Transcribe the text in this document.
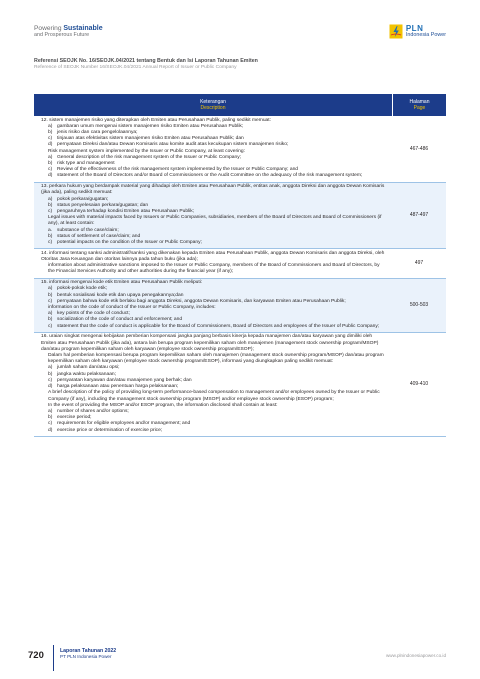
Powering Sustainable
and Prosperous Future
PLN
Indonesia Power
Referensi SEOJK No. 16/SEOJK.04/2021 tentang Bentuk dan Isi Laporan Tahunan Emiten
Reference of SEOJK Number 16/SEOJK.04/2021 Annual Report of Issuer or Public Company
Keterangan
Description
Halaman
Page
12. sistem manajemen risiko yang diterapkan oleh Emiten atau Perusahaan Publik, paling sedikit memuat:
a) gambaran umum mengenai sistem manajemen risiko Emiten atau Perusahaan Publik;
b) jenis risiko dan cara pengelolaannya;
c)	tinjauan atas efektivitas sistem manajemen risiko Emiten atau Perusahaan Publik; dan
d) pernyataan Direksi dan/atau Dewan Komisaris atau komite audit atas kecukupan sistem manajemen risiko;
Risk management system implemented by the Issuer or Public Company, at least covering:
a) General description of the risk management system of the Issuer or Public Company;
b) risk type and management
c)	Review of the effectiveness of the risk management system implemented by the Issuer or Public Company; and
d) statement of the Board of Directors and/or Board of Commissioners or the Audit Committee on the adequacy of the risk management system;
467-486
13. perkara hukum yang berdampak material yang dihadapi oleh Emiten atau Perusahaan Publik, entitas anak, anggota Direksi dan anggota Dewan Komisaris (jika ada), paling sedikit memuat:
a) pokok perkara/gugatan;
b) status penyelesaian perkara/gugatan; dan
c)	pengaruhnya terhadap kondisi Emiten atau Perusahaan Publik;
Legal issues with material impacts faced by Issuers or Public Companies, subsidiaries, members of the Board of Directors and Board of Commissioners (if any), at least contain:
a.	substance of the case/claim;
b) status of settlement of case/claim; and
c)	potential impacts on the condition of the Issuer or Public Company;
487-497
14. informasi tentang sanksi administratif/sanksi yang dikenakan kepada Emiten atau Perusahaan Publik, anggota Dewan Komisaris dan anggota Direksi, oleh Otoritas Jasa Keuangan dan otoritas lainnya pada tahun buku (jika ada);
information about administrative sanctions imposed to the Issuer or Public Company, members of the Board of Commissioners and Board of Directors, by the Financial Services Authority and other authorities during the financial year (if any);
497
15. informasi mengenai kode etik Emiten atau Perusahaan Publik meliputi:
a) pokok-pokok kode etik;
b) bentuk sosialisasi kode etik dan upaya penegakannya;dan
c)	pernyataan bahwa kode etik berlaku bagi anggota Direksi, anggota Dewan Komisaris, dan karyawan Emiten atau Perusahaan Publik;
information on the code of conduct of the Issuer or Public Company, includes:
a) key points of the code of conduct;
b) socialization of the code of conduct and enforcement; and
c)	statement that the code of conduct is applicable for the Board of Commissioners, Board of Directors and employees of the Issuer of Public Company;
500-503
16. uraian singkat mengenai kebijakan pemberian kompensasi jangka panjang berbasis kinerja kepada manajemen dan/atau karyawan yang dimiliki oleh Emiten atau Perusahaan Publik (jika ada), antara lain berupa program kepemilikan saham oleh manajemen (management stock ownership program/MSOP) dan/atau program kepemilikan saham oleh karyawan (employee stock ownership program/ESOP);
Dalam hal pemberian kompensasi berupa program kepemilikan saham oleh manajemen (management stock ownership program/MSOP) dan/atau program kepemilikan saham oleh karyawan (employee stock ownership program/ESOP), informasi yang diungkapkan paling sedikit memuat:
a) jumlah saham dan/atau opsi;
b) jangka waktu pelaksanaan;
c)	persyaratan karyawan dan/atau manajemen yang berhak; dan
d) harga pelaksanaan atau penentuan harga pelaksanaan;
A brief description of the policy of providing long-term performance-based compensation to management and/or employees owned by the Issuer or Public Company (if any), including the management stock ownership program (MSOP) and/or employee stock ownership (ESOP) program;
In the event of providing the MSOP and/or ESOP program, the information disclosed shall contain at least:
a) number of shares and/or options;
b) exercise period;
c)	requirements for eligible employees and/or management; and
d) exercise price or determination of exercise price;
409-410
720	Laporan Tahunan 2022
PT PLN Indonesia Power	www.plnindonesiapower.co.id
